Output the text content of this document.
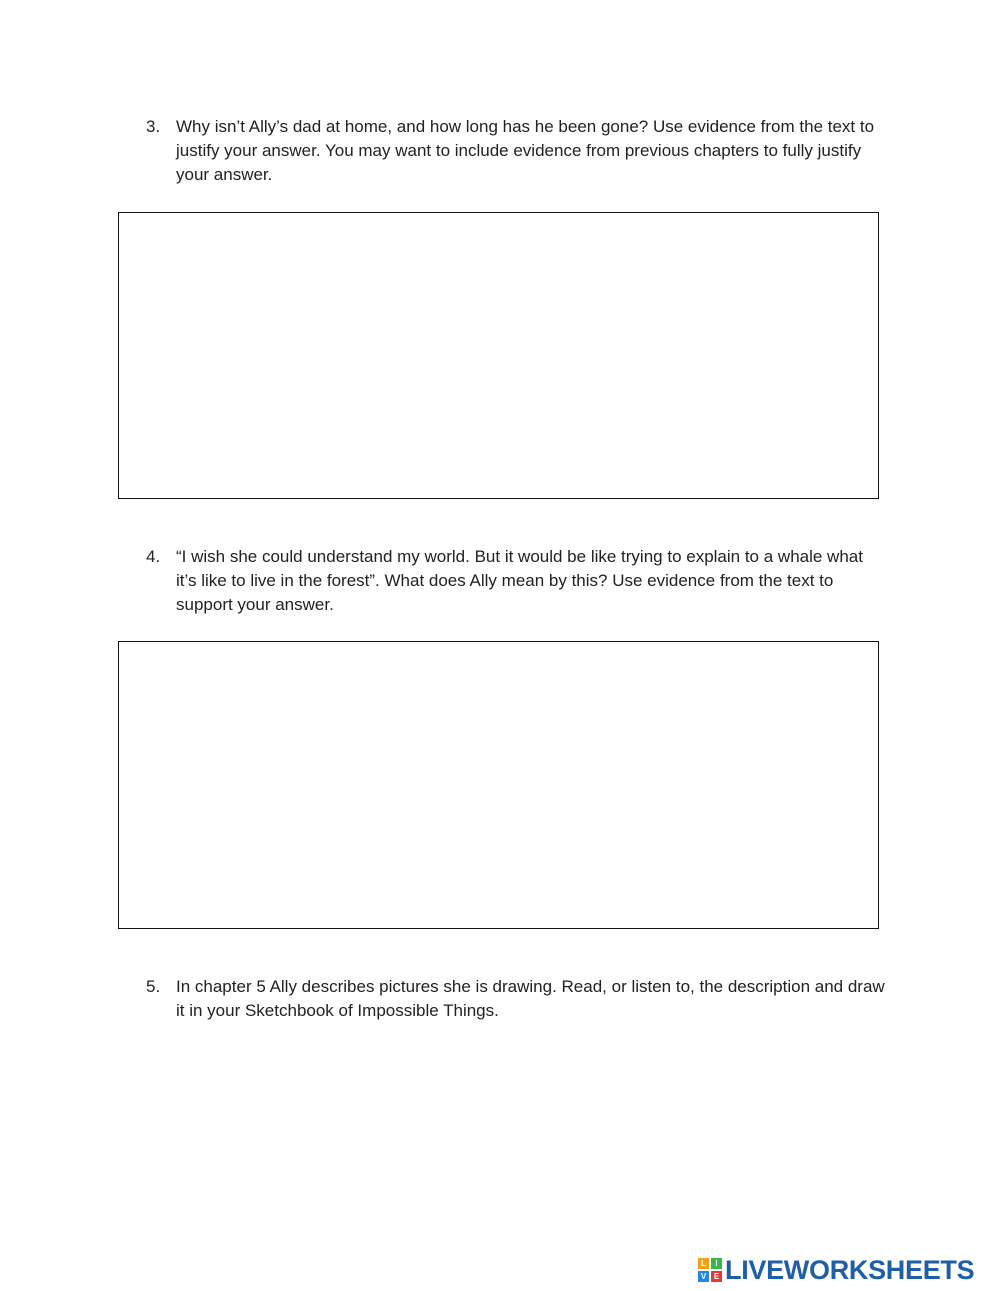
3. Why isn’t Ally’s dad at home, and how long has he been gone? Use evidence from the text to justify your answer. You may want to include evidence from previous chapters to fully justify your answer.
4. “I wish she could understand my world. But it would be like trying to explain to a whale what it’s like to live in the forest”. What does Ally mean by this? Use evidence from the text to support your answer.
5. In chapter 5 Ally describes pictures she is drawing. Read, or listen to, the description and draw it in your Sketchbook of Impossible Things.
L	I
V E LIVEWORKSHEETS
